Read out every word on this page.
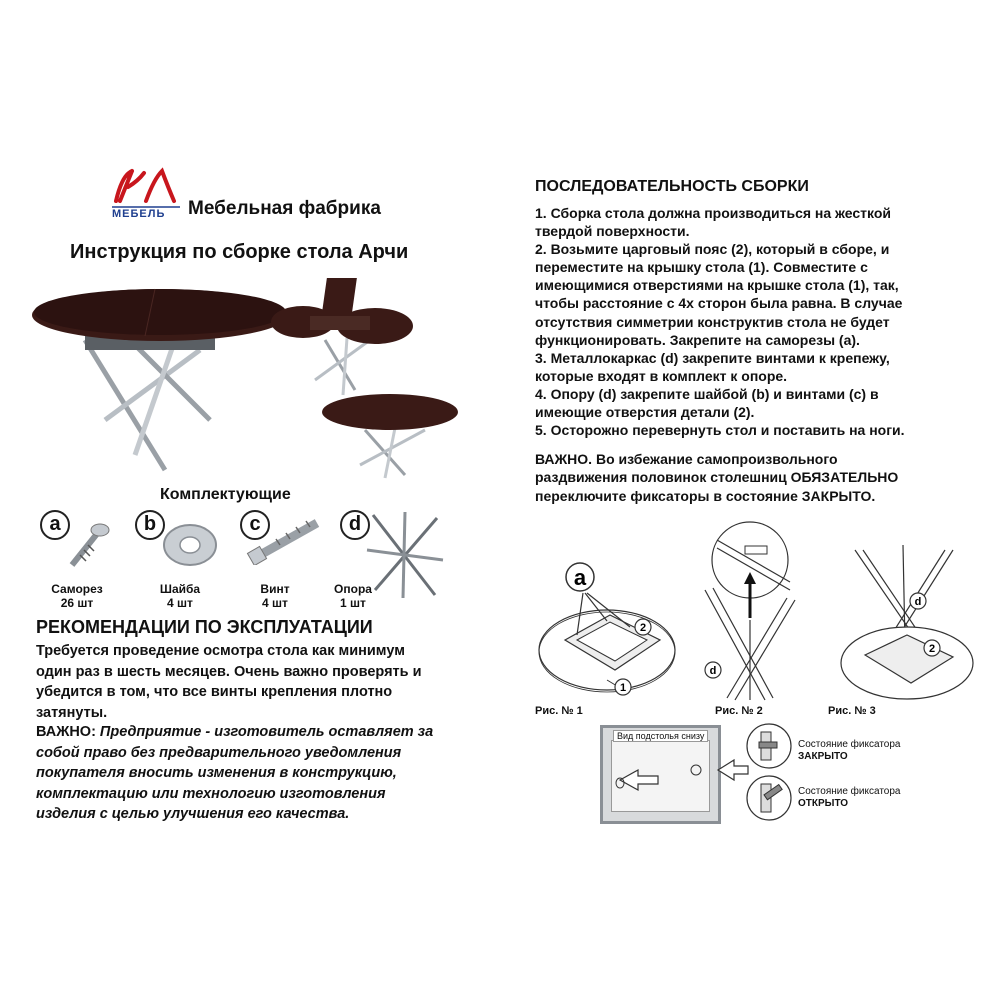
МЕБЕЛЬ Мебельная фабрика
Инструкция по сборке стола Арчи
Комплектующие
a
Саморез
26 шт
b
Шайба
4 шт
c
Винт
4 шт
d
Опора
1 шт
РЕКОМЕНДАЦИИ ПО ЭКСПЛУАТАЦИИ
Требуется проведение осмотра стола как минимум
один раз в шесть месяцев. Очень важно проверять и
убедится в том, что все винты крепления плотно
затянуты.
ВАЖНО: Предприятие - изготовитель оставляет за
собой право без предварительного уведомления
покупателя вносить изменения в конструкцию,
комплектацию или технологию изготовления
изделия с целью улучшения его качества.
ПОСЛЕДОВАТЕЛЬНОСТЬ СБОРКИ
1. Сборка стола должна производиться на жесткой
твердой поверхности.
2. Возьмите царговый пояс (2), который в сборе, и
переместите на крышку стола (1). Совместите с
имеющимися отверстиями на крышке стола (1), так,
чтобы расстояние с 4х сторон была равна. В случае
отсутствия симметрии конструктив стола не будет
функционировать. Закрепите на саморезы (a).
3. Металлокаркас (d) закрепите винтами к крепежу,
которые входят в комплект к опоре.
4. Опору (d) закрепите шайбой (b) и винтами (c) в
имеющие отверстия детали (2).
5. Осторожно перевернуть стол и поставить на ноги.
ВАЖНО. Во избежание самопроизвольного
раздвижения половинок столешниц ОБЯЗАТЕЛЬНО
переключите фиксаторы в состояние ЗАКРЫТО.
a
2
1
Рис. № 1
d
Рис. № 2
d
2
Рис. № 3
Вид подстолья снизу
Состояние фиксатора
ЗАКРЫТО
Состояние фиксатора
ОТКРЫТО
